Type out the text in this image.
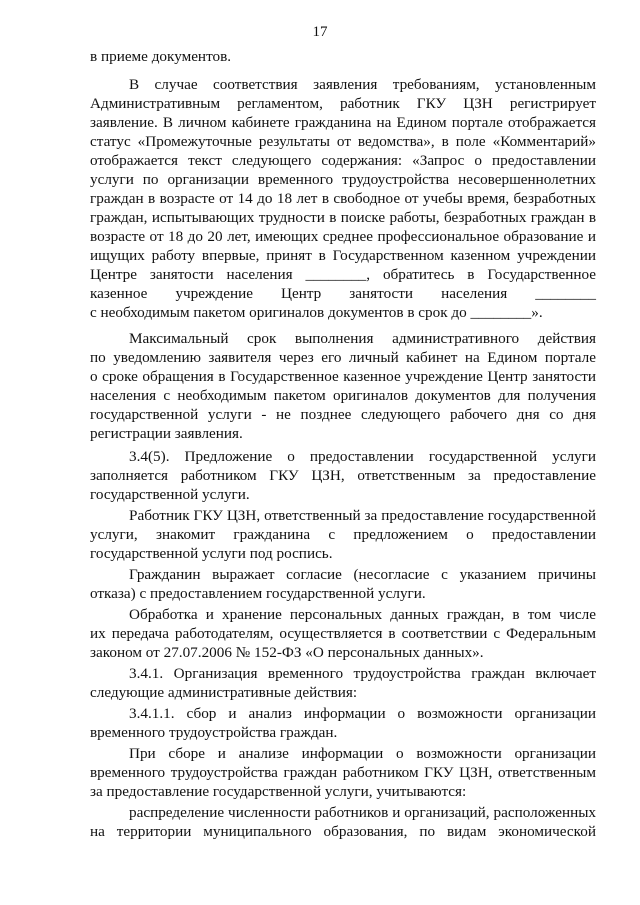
17
в приеме документов.
В случае соответствия заявления требованиям, установленным
Административным регламентом, работник ГКУ ЦЗН регистрирует
заявление. В личном кабинете гражданина на Едином портале отображается
статус «Промежуточные результаты от ведомства», в поле «Комментарий»
отображается текст следующего содержания: «Запрос о предоставлении
услуги по организации временного трудоустройства несовершеннолетних
граждан в возрасте от 14 до 18 лет в свободное от учебы время, безработных
граждан, испытывающих трудности в поиске работы, безработных граждан в
возрасте от 18 до 20 лет, имеющих среднее профессиональное образование и
ищущих работу впервые, принят в Государственном казенном учреждении
Центре занятости населения ________, обратитесь в Государственное
казенное учреждение Центр занятости населения ________
с необходимым пакетом оригиналов документов в срок до ________».
Максимальный срок выполнения административного действия
по уведомлению заявителя через его личный кабинет на Едином портале
о сроке обращения в Государственное казенное учреждение Центр занятости
населения с необходимым пакетом оригиналов документов для получения
государственной услуги - не позднее следующего рабочего дня со дня
регистрации заявления.
3.4(5). Предложение о предоставлении государственной услуги
заполняется работником ГКУ ЦЗН, ответственным за предоставление
государственной услуги.
Работник ГКУ ЦЗН, ответственный за предоставление государственной
услуги, знакомит гражданина с предложением о предоставлении
государственной услуги под роспись.
Гражданин выражает согласие (несогласие с указанием причины
отказа) с предоставлением государственной услуги.
Обработка и хранение персональных данных граждан, в том числе
их передача работодателям, осуществляется в соответствии с Федеральным
законом от 27.07.2006 № 152-ФЗ «О персональных данных».
3.4.1. Организация временного трудоустройства граждан включает
следующие административные действия:
3.4.1.1. сбор и анализ информации о возможности организации
временного трудоустройства граждан.
При сборе и анализе информации о возможности организации
временного трудоустройства граждан работником ГКУ ЦЗН, ответственным
за предоставление государственной услуги, учитываются:
распределение численности работников и организаций, расположенных
на территории муниципального образования, по видам экономической
